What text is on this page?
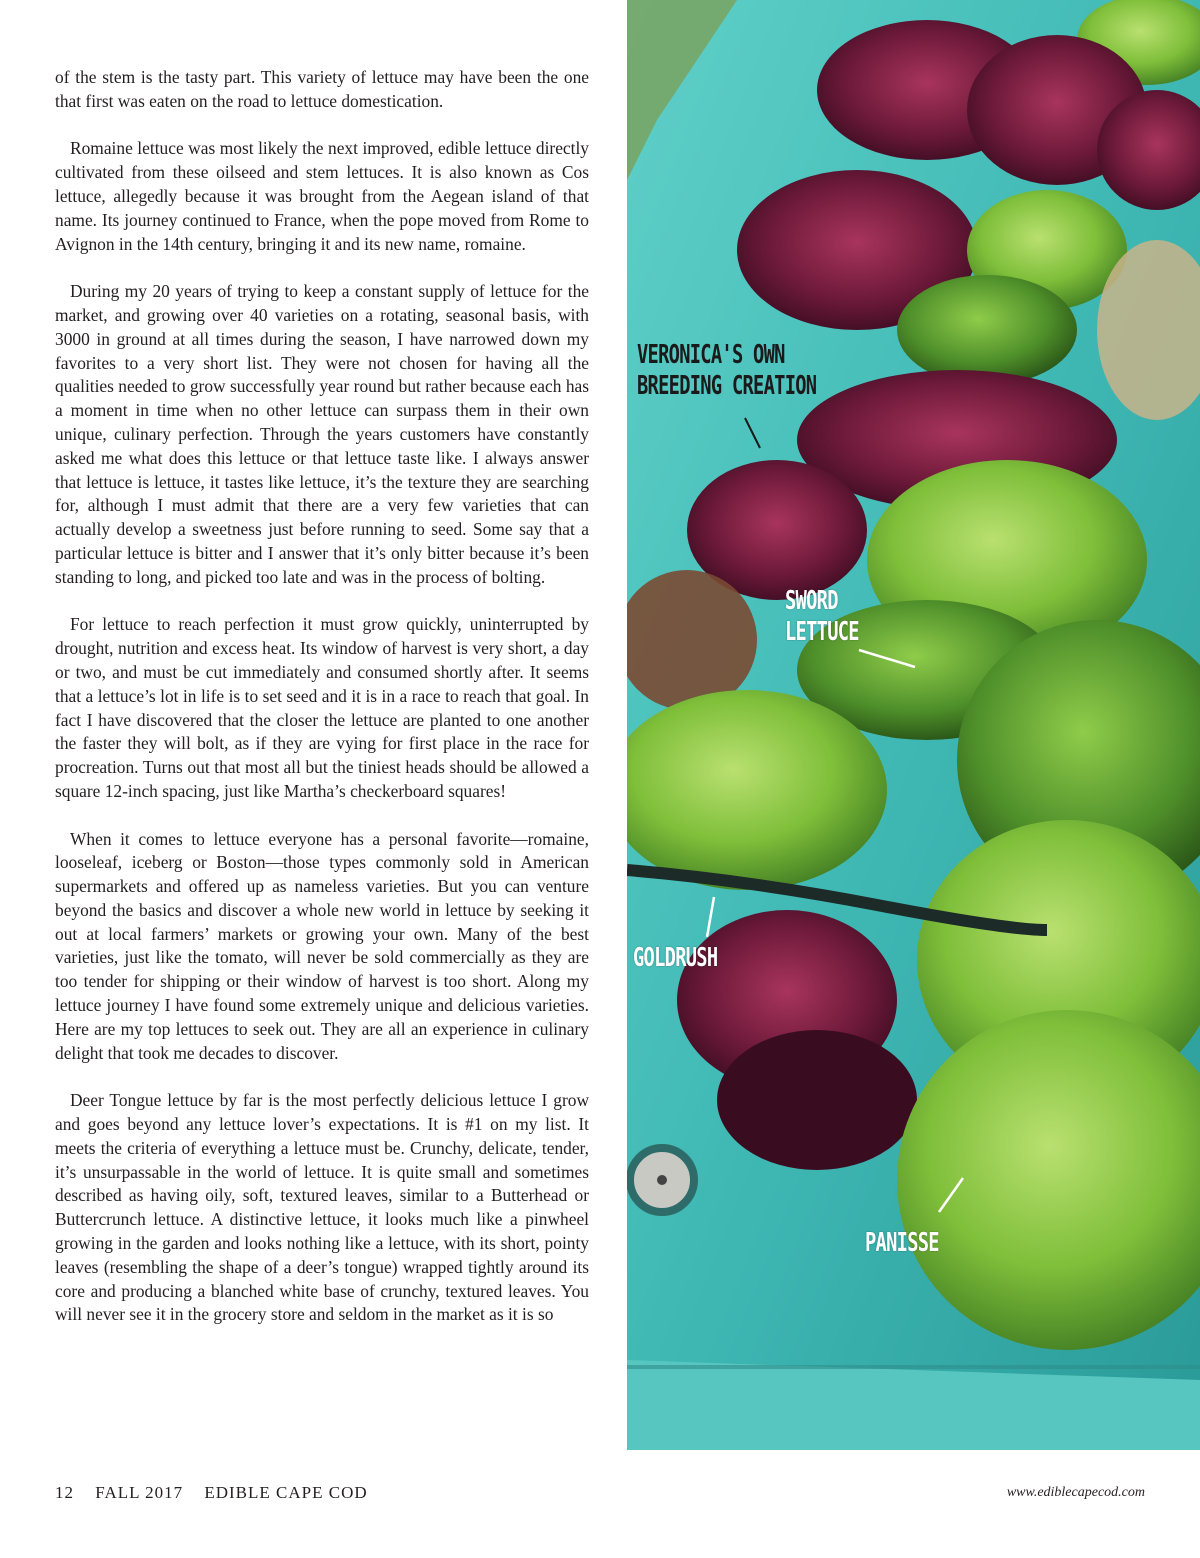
of the stem is the tasty part. This variety of lettuce may have been the one that first was eaten on the road to lettuce domestication.

Romaine lettuce was most likely the next improved, edible lettuce directly cultivated from these oilseed and stem lettuces. It is also known as Cos lettuce, allegedly because it was brought from the Aegean island of that name. Its journey continued to France, when the pope moved from Rome to Avignon in the 14th century, bringing it and its new name, romaine.

During my 20 years of trying to keep a constant supply of lettuce for the market, and growing over 40 varieties on a rotating, seasonal basis, with 3000 in ground at all times during the season, I have narrowed down my favorites to a very short list. They were not chosen for having all the qualities needed to grow successfully year round but rather because each has a moment in time when no other lettuce can surpass them in their own unique, culinary perfection. Through the years customers have constantly asked me what does this lettuce or that lettuce taste like. I always answer that lettuce is lettuce, it tastes like lettuce, it’s the texture they are searching for, although I must admit that there are a very few varieties that can actually develop a sweetness just before running to seed. Some say that a particular lettuce is bitter and I answer that it’s only bitter because it’s been standing to long, and picked too late and was in the process of bolting.

For lettuce to reach perfection it must grow quickly, uninterrupted by drought, nutrition and excess heat. Its window of harvest is very short, a day or two, and must be cut immediately and consumed shortly after. It seems that a lettuce’s lot in life is to set seed and it is in a race to reach that goal. In fact I have discovered that the closer the lettuce are planted to one another the faster they will bolt, as if they are vying for first place in the race for procreation. Turns out that most all but the tiniest heads should be allowed a square 12-inch spacing, just like Martha’s checkerboard squares!

When it comes to lettuce everyone has a personal favorite—romaine, looseleaf, iceberg or Boston—those types commonly sold in American supermarkets and offered up as nameless varieties. But you can venture beyond the basics and discover a whole new world in lettuce by seeking it out at local farmers’ markets or growing your own. Many of the best varieties, just like the tomato, will never be sold commercially as they are too tender for shipping or their window of harvest is too short. Along my lettuce journey I have found some extremely unique and delicious varieties. Here are my top lettuces to seek out. They are all an experience in culinary delight that took me decades to discover.

Deer Tongue lettuce by far is the most perfectly delicious lettuce I grow and goes beyond any lettuce lover’s expectations. It is #1 on my list. It meets the criteria of everything a lettuce must be. Crunchy, delicate, tender, it’s unsurpassable in the world of lettuce. It is quite small and sometimes described as having oily, soft, textured leaves, similar to a Butterhead or Buttercrunch lettuce. A distinctive lettuce, it looks much like a pinwheel growing in the garden and looks nothing like a lettuce, with its short, pointy leaves (resembling the shape of a deer’s tongue) wrapped tightly around its core and producing a blanched white base of crunchy, textured leaves. You will never see it in the grocery store and seldom in the market as it is so

VERONICA'S OWN
BREEDING CREATION
SWORD
LETTUCE
GOLDRUSH
PANISSE
12 FALL 2017 EDIBLE CAPE COD	www.ediblecapecod.com
